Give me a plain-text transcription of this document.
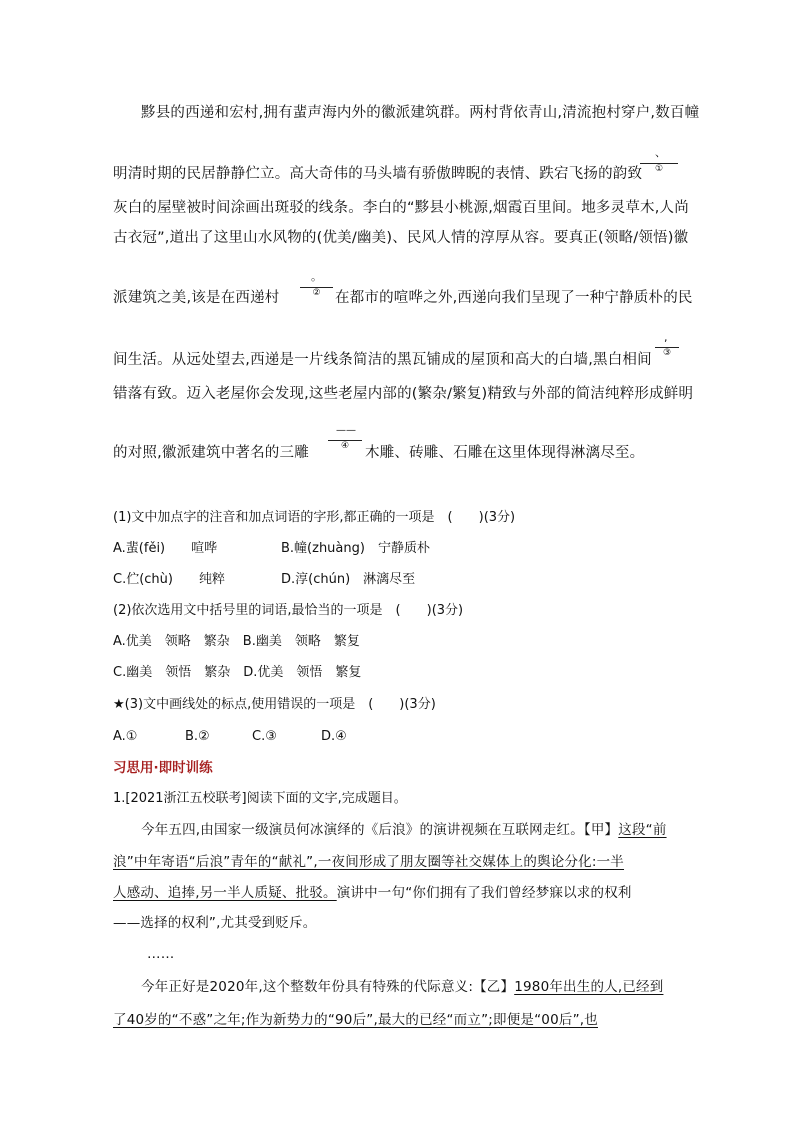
黟县的西递和宏村,拥有蜚声海内外的徽派建筑群。两村背依青山,清流抱村穿户,数百幢
明清时期的民居静静伫立。高大奇伟的马头墙有骄傲睥睨的表情、跌宕飞扬的韵致	①
、
灰白的屋壁被时间涂画出斑驳的线条。李白的“黟县小桃源,烟霞百里间。地多灵草木,人尚
古衣冠”,道出了这里山水风物的(优美/幽美)、民风人情的淳厚从容。要真正(领略/领悟)徽
派建筑之美,该是在西递村	②
。
在都市的喧哗之外,西递向我们呈现了一种宁静质朴的民
间生活。从远处望去,西递是一片线条简洁的黑瓦铺成的屋顶和高大的白墙,黑白相间	③
,
错落有致。迈入老屋你会发现,这些老屋内部的(繁杂/繁复)精致与外部的简洁纯粹形成鲜明
的对照,徽派建筑中著名的三雕	④
——
木雕、砖雕、石雕在这里体现得淋漓尽至。
(1)文中加点字的注音和加点词语的字形,都正确的一项是　(　　)(3分)
A.蜚(fěi)　　喧哗	B.幢(zhuàng)　宁静质朴
C.伫(chù)　　纯粹	D.淳(chún)　淋漓尽至
(2)依次选用文中括号里的词语,最恰当的一项是　(　　)(3分)
A.优美　领略　繁杂　B.幽美　领略　繁复
C.幽美　领悟　繁杂　D.优美　领悟　繁复
★(3)文中画线处的标点,使用错误的一项是　(　　)(3分)
A.①	B.②	C.③	D.④
习思用·即时训练
1.[2021浙江五校联考]阅读下面的文字,完成题目。
今年五四,由国家一级演员何冰演绎的《后浪》的演讲视频在互联网走红。【甲】这段“前
浪”中年寄语“后浪”青年的“献礼”,一夜间形成了朋友圈等社交媒体上的舆论分化:一半
人感动、追捧,另一半人质疑、批驳。演讲中一句“你们拥有了我们曾经梦寐以求的权利
——选择的权利”,尤其受到贬斥。
……
今年正好是2020年,这个整数年份具有特殊的代际意义:【乙】1980年出生的人,已经到
了40岁的“不惑”之年;作为新势力的“90后”,最大的已经“而立”;即便是“00后”,也
